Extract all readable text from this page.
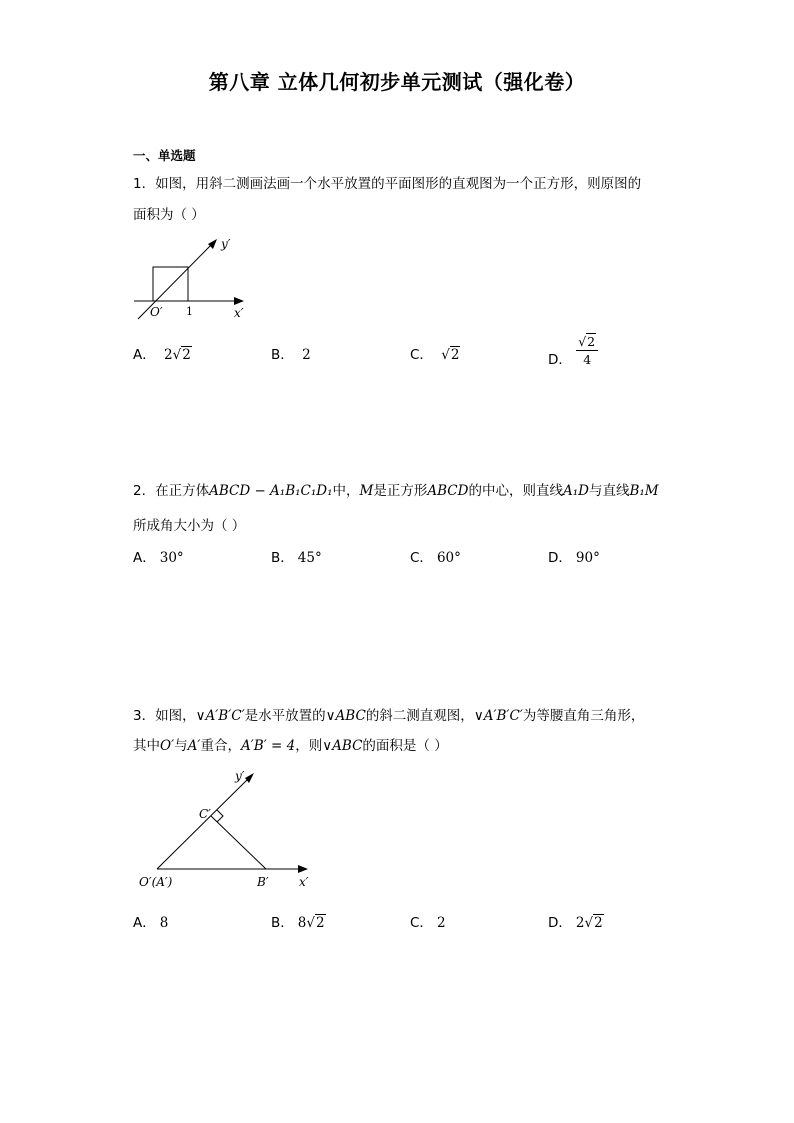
第八章 立体几何初步单元测试（强化卷）
一、单选题
1．如图，用斜二测画法画一个水平放置的平面图形的直观图为一个正方形，则原图的
面积为（ ）
y′
x′
O′ 1
A． 2√2	B． 2	C． √2	D． $\frac{√2}{4}$
2．在正方体ABCD − A₁B₁C₁D₁中，M是正方形ABCD的中心，则直线A₁D与直线B₁M
所成角大小为（ ）
A． 30°	B． 45°	C． 60°	D． 90°
3．如图，∨A′B′C′是水平放置的∨ABC的斜二测直观图，∨A′B′C′为等腰直角三角形，
其中O′与A′重合，A′B′ = 4，则∨ABC的面积是（ ）
y′
x′
C′
O′(A′)	B′
A． 8	B． 8√2	C． 2	D． 2√2
